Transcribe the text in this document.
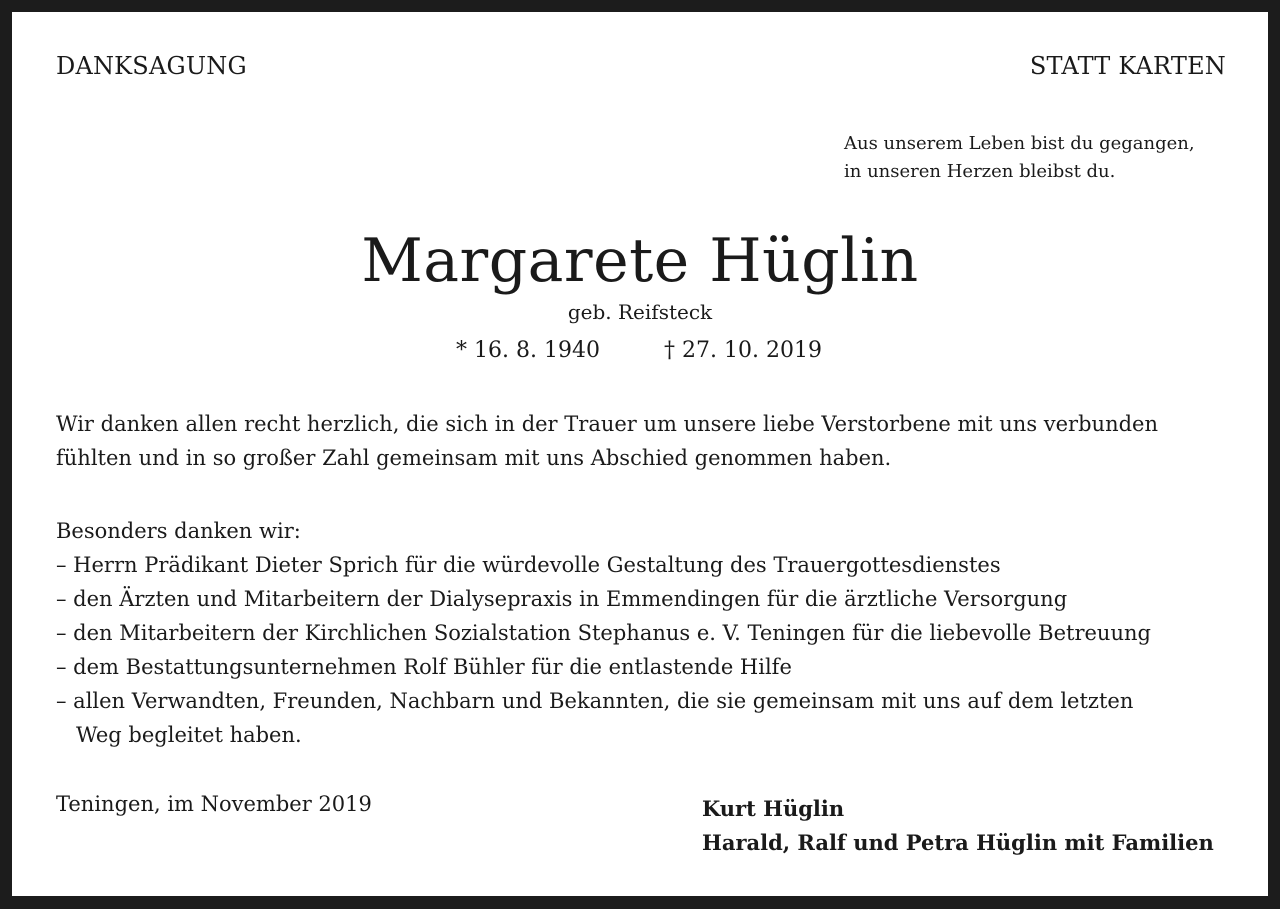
DANKSAGUNG	STATT KARTEN
Aus unserem Leben bist du gegangen,
in unseren Herzen bleibst du.
Margarete Hüglin
geb. Reifsteck
* 16. 8. 1940	† 27. 10. 2019
Wir danken allen recht herzlich, die sich in der Trauer um unsere liebe Verstorbene mit uns verbunden
fühlten und in so großer Zahl gemeinsam mit uns Abschied genommen haben.
Besonders danken wir:
– Herrn Prädikant Dieter Sprich für die würdevolle Gestaltung des Trauergottesdienstes
– den Ärzten und Mitarbeitern der Dialysepraxis in Emmendingen für die ärztliche Versorgung
– den Mitarbeitern der Kirchlichen Sozialstation Stephanus e. V. Teningen für die liebevolle Betreuung
– dem Bestattungsunternehmen Rolf Bühler für die entlastende Hilfe
– allen Verwandten, Freunden, Nachbarn und Bekannten, die sie gemeinsam mit uns auf dem letzten
Weg begleitet haben.
Teningen, im November 2019	Kurt Hüglin
Harald, Ralf und Petra Hüglin mit Familien
